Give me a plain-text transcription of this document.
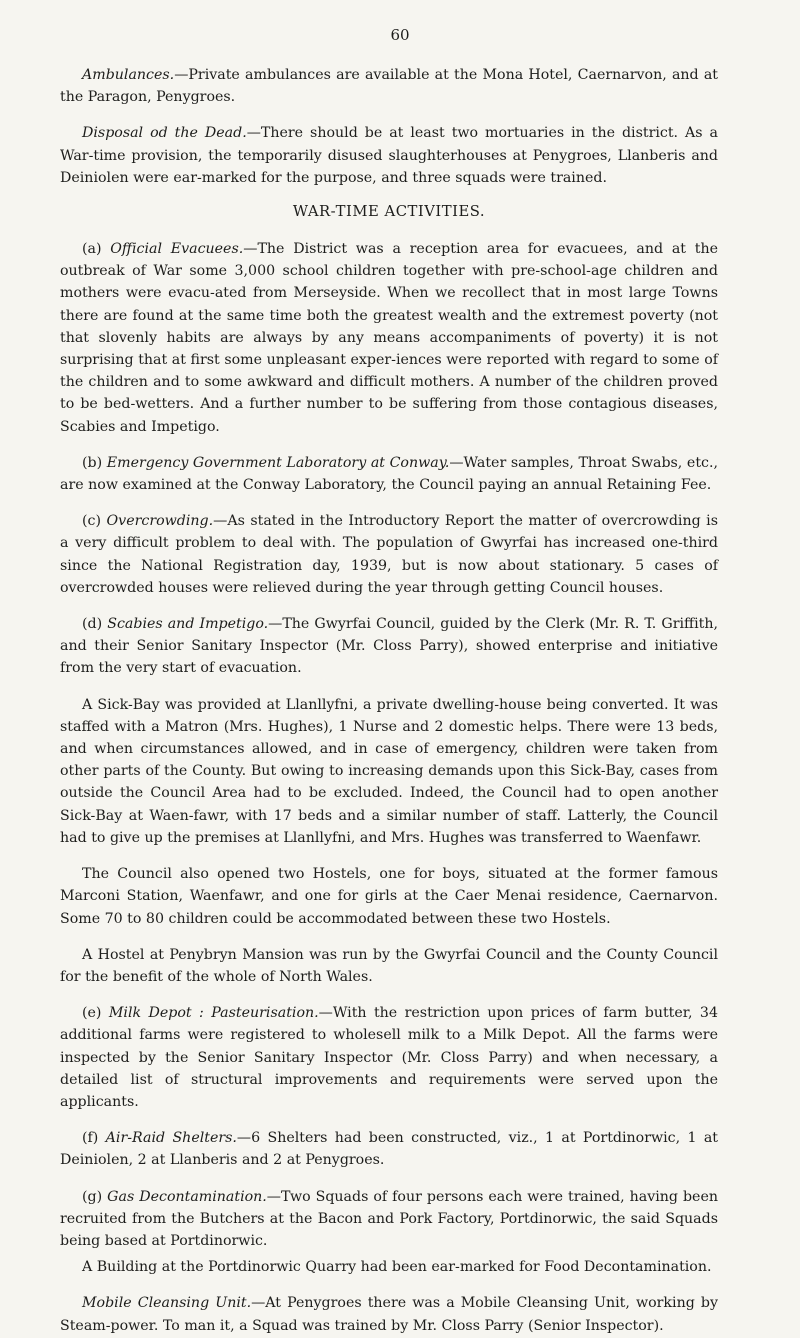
60

Ambulances.—Private ambulances are available at the Mona Hotel, Caernarvon, and at the Paragon, Penygroes.

Disposal od the Dead.—There should be at least two mortuaries in the district. As a War-time provision, the temporarily disused slaughterhouses at Penygroes, Llanberis and Deiniolen were ear-marked for the purpose, and three squads were trained.

WAR-TIME ACTIVITIES.

(a) Official Evacuees.—The District was a reception area for evacuees, and at the outbreak of War some 3,000 school children together with pre-school-age children and mothers were evacu-ated from Merseyside. When we recollect that in most large Towns there are found at the same time both the greatest wealth and the extremest poverty (not that slovenly habits are always by any means accompaniments of poverty) it is not surprising that at first some unpleasant exper-iences were reported with regard to some of the children and to some awkward and difficult mothers. A number of the children proved to be bed-wetters. And a further number to be suffering from those contagious diseases, Scabies and Impetigo.

(b) Emergency Government Laboratory at Conway.—Water samples, Throat Swabs, etc., are now examined at the Conway Laboratory, the Council paying an annual Retaining Fee.

(c) Overcrowding.—As stated in the Introductory Report the matter of overcrowding is a very difficult problem to deal with. The population of Gwyrfai has increased one-third since the National Registration day, 1939, but is now about stationary. 5 cases of overcrowded houses were relieved during the year through getting Council houses.

(d) Scabies and Impetigo.—The Gwyrfai Council, guided by the Clerk (Mr. R. T. Griffith, and their Senior Sanitary Inspector (Mr. Closs Parry), showed enterprise and initiative from the very start of evacuation.

A Sick-Bay was provided at Llanllyfni, a private dwelling-house being converted. It was staffed with a Matron (Mrs. Hughes), 1 Nurse and 2 domestic helps. There were 13 beds, and when circumstances allowed, and in case of emergency, children were taken from other parts of the County. But owing to increasing demands upon this Sick-Bay, cases from outside the Council Area had to be excluded. Indeed, the Council had to open another Sick-Bay at Waen-fawr, with 17 beds and a similar number of staff. Latterly, the Council had to give up the premises at Llanllyfni, and Mrs. Hughes was transferred to Waenfawr.

The Council also opened two Hostels, one for boys, situated at the former famous Marconi Station, Waenfawr, and one for girls at the Caer Menai residence, Caernarvon. Some 70 to 80 children could be accommodated between these two Hostels.

A Hostel at Penybryn Mansion was run by the Gwyrfai Council and the County Council for the benefit of the whole of North Wales.

(e) Milk Depot : Pasteurisation.—With the restriction upon prices of farm butter, 34 additional farms were registered to wholesell milk to a Milk Depot. All the farms were inspected by the Senior Sanitary Inspector (Mr. Closs Parry) and when necessary, a detailed list of structural improvements and requirements were served upon the applicants.

(f) Air-Raid Shelters.—6 Shelters had been constructed, viz., 1 at Portdinorwic, 1 at Deiniolen, 2 at Llanberis and 2 at Penygroes.

(g) Gas Decontamination.—Two Squads of four persons each were trained, having been recruited from the Butchers at the Bacon and Pork Factory, Portdinorwic, the said Squads being based at Portdinorwic.

A Building at the Portdinorwic Quarry had been ear-marked for Food Decontamination.

Mobile Cleansing Unit.—At Penygroes there was a Mobile Cleansing Unit, working by Steam-power. To man it, a Squad was trained by Mr. Closs Parry (Senior Inspector).
